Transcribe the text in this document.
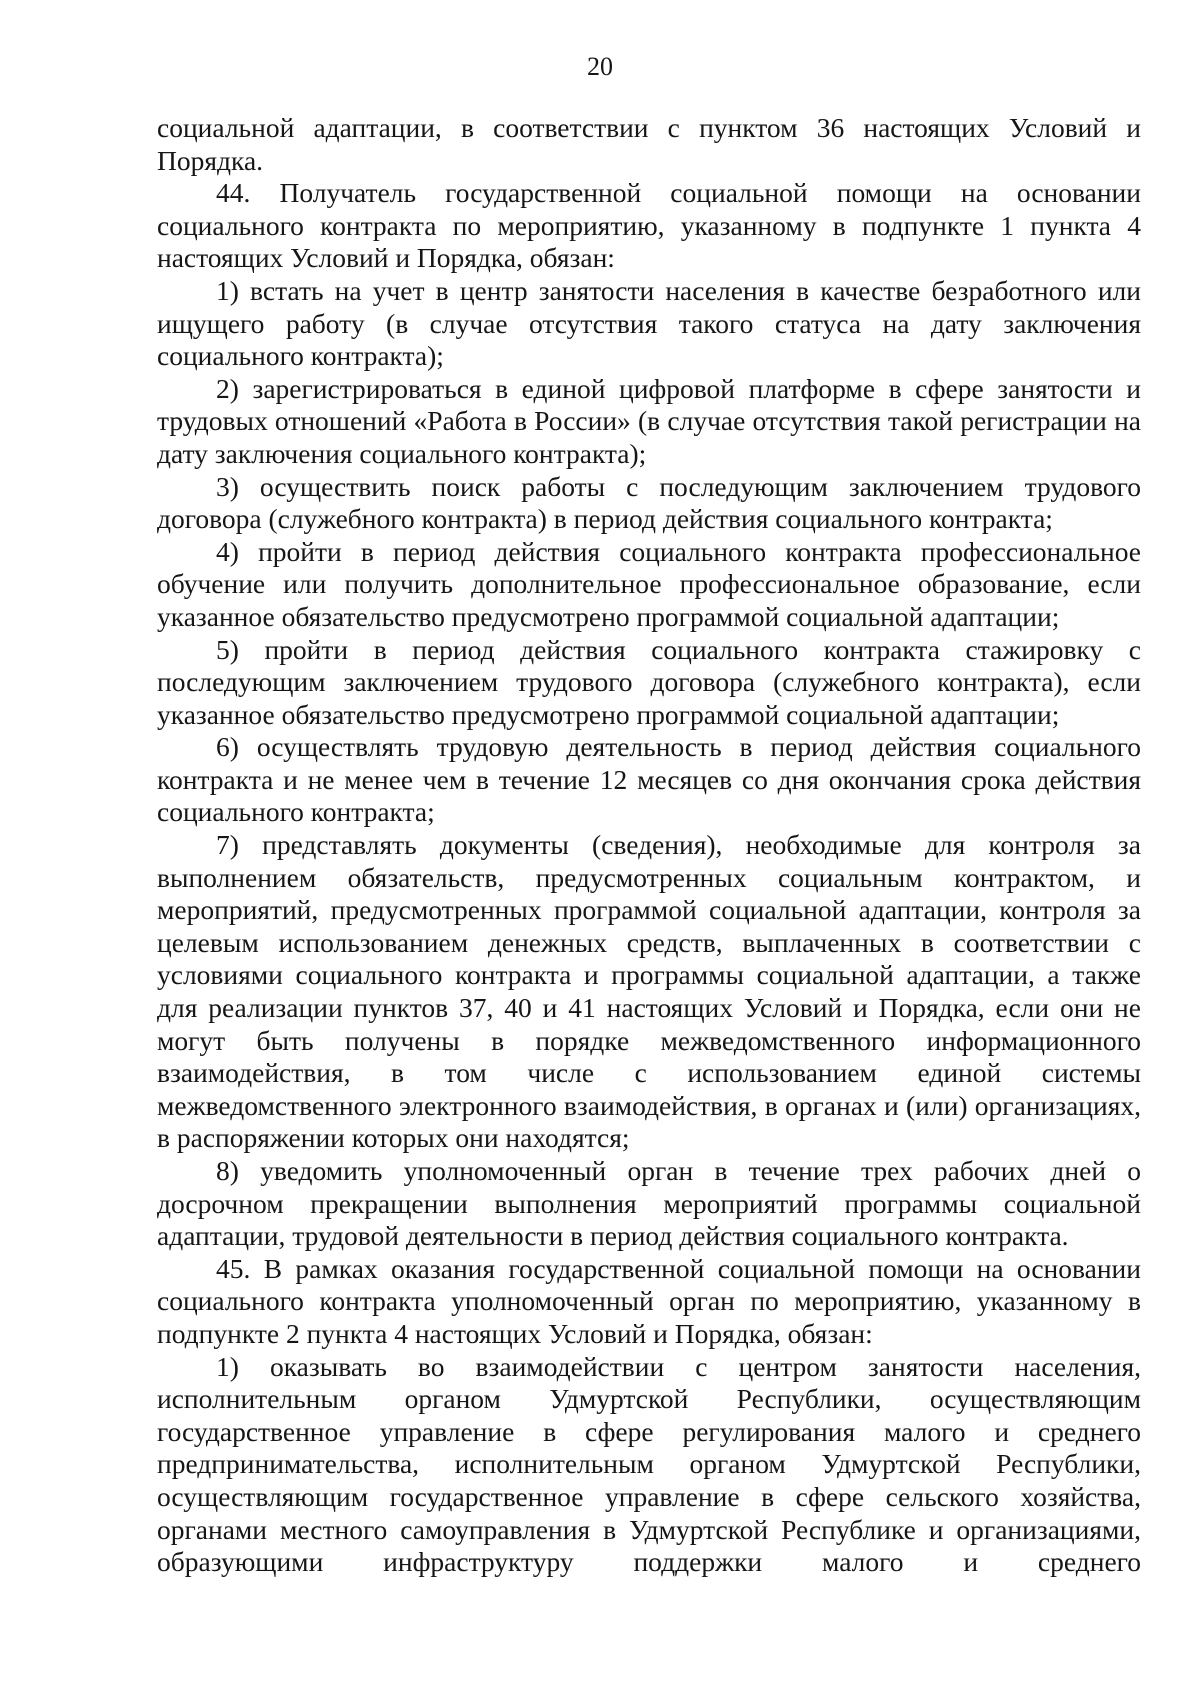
20

социальной адаптации, в соответствии с пунктом 36 настоящих Условий и Порядка.

44. Получатель государственной социальной помощи на основании социального контракта по мероприятию, указанному в подпункте 1 пункта 4 настоящих Условий и Порядка, обязан:

1) встать на учет в центр занятости населения в качестве безработного или ищущего работу (в случае отсутствия такого статуса на дату заключения социального контракта);

2) зарегистрироваться в единой цифровой платформе в сфере занятости и трудовых отношений «Работа в России» (в случае отсутствия такой регистрации на дату заключения социального контракта);

3) осуществить поиск работы с последующим заключением трудового договора (служебного контракта) в период действия социального контракта;

4) пройти в период действия социального контракта профессиональное обучение или получить дополнительное профессиональное образование, если указанное обязательство предусмотрено программой социальной адаптации;

5) пройти в период действия социального контракта стажировку с последующим заключением трудового договора (служебного контракта), если указанное обязательство предусмотрено программой социальной адаптации;

6) осуществлять трудовую деятельность в период действия социального контракта и не менее чем в течение 12 месяцев со дня окончания срока действия социального контракта;

7) представлять документы (сведения), необходимые для контроля за выполнением обязательств, предусмотренных социальным контрактом, и мероприятий, предусмотренных программой социальной адаптации, контроля за целевым использованием денежных средств, выплаченных в соответствии с условиями социального контракта и программы социальной адаптации, а также для реализации пунктов 37, 40 и 41 настоящих Условий и Порядка, если они не могут быть получены в порядке межведомственного информационного взаимодействия, в том числе с использованием единой системы межведомственного электронного взаимодействия, в органах и (или) организациях, в распоряжении которых они находятся;

8) уведомить уполномоченный орган в течение трех рабочих дней о досрочном прекращении выполнения мероприятий программы социальной адаптации, трудовой деятельности в период действия социального контракта.

45. В рамках оказания государственной социальной помощи на основании социального контракта уполномоченный орган по мероприятию, указанному в подпункте 2 пункта 4 настоящих Условий и Порядка, обязан:

1) оказывать во взаимодействии с центром занятости населения, исполнительным органом Удмуртской Республики, осуществляющим государственное управление в сфере регулирования малого и среднего предпринимательства, исполнительным органом Удмуртской Республики, осуществляющим государственное управление в сфере сельского хозяйства, органами местного самоуправления в Удмуртской Республике и организациями, образующими инфраструктуру поддержки малого и среднего
